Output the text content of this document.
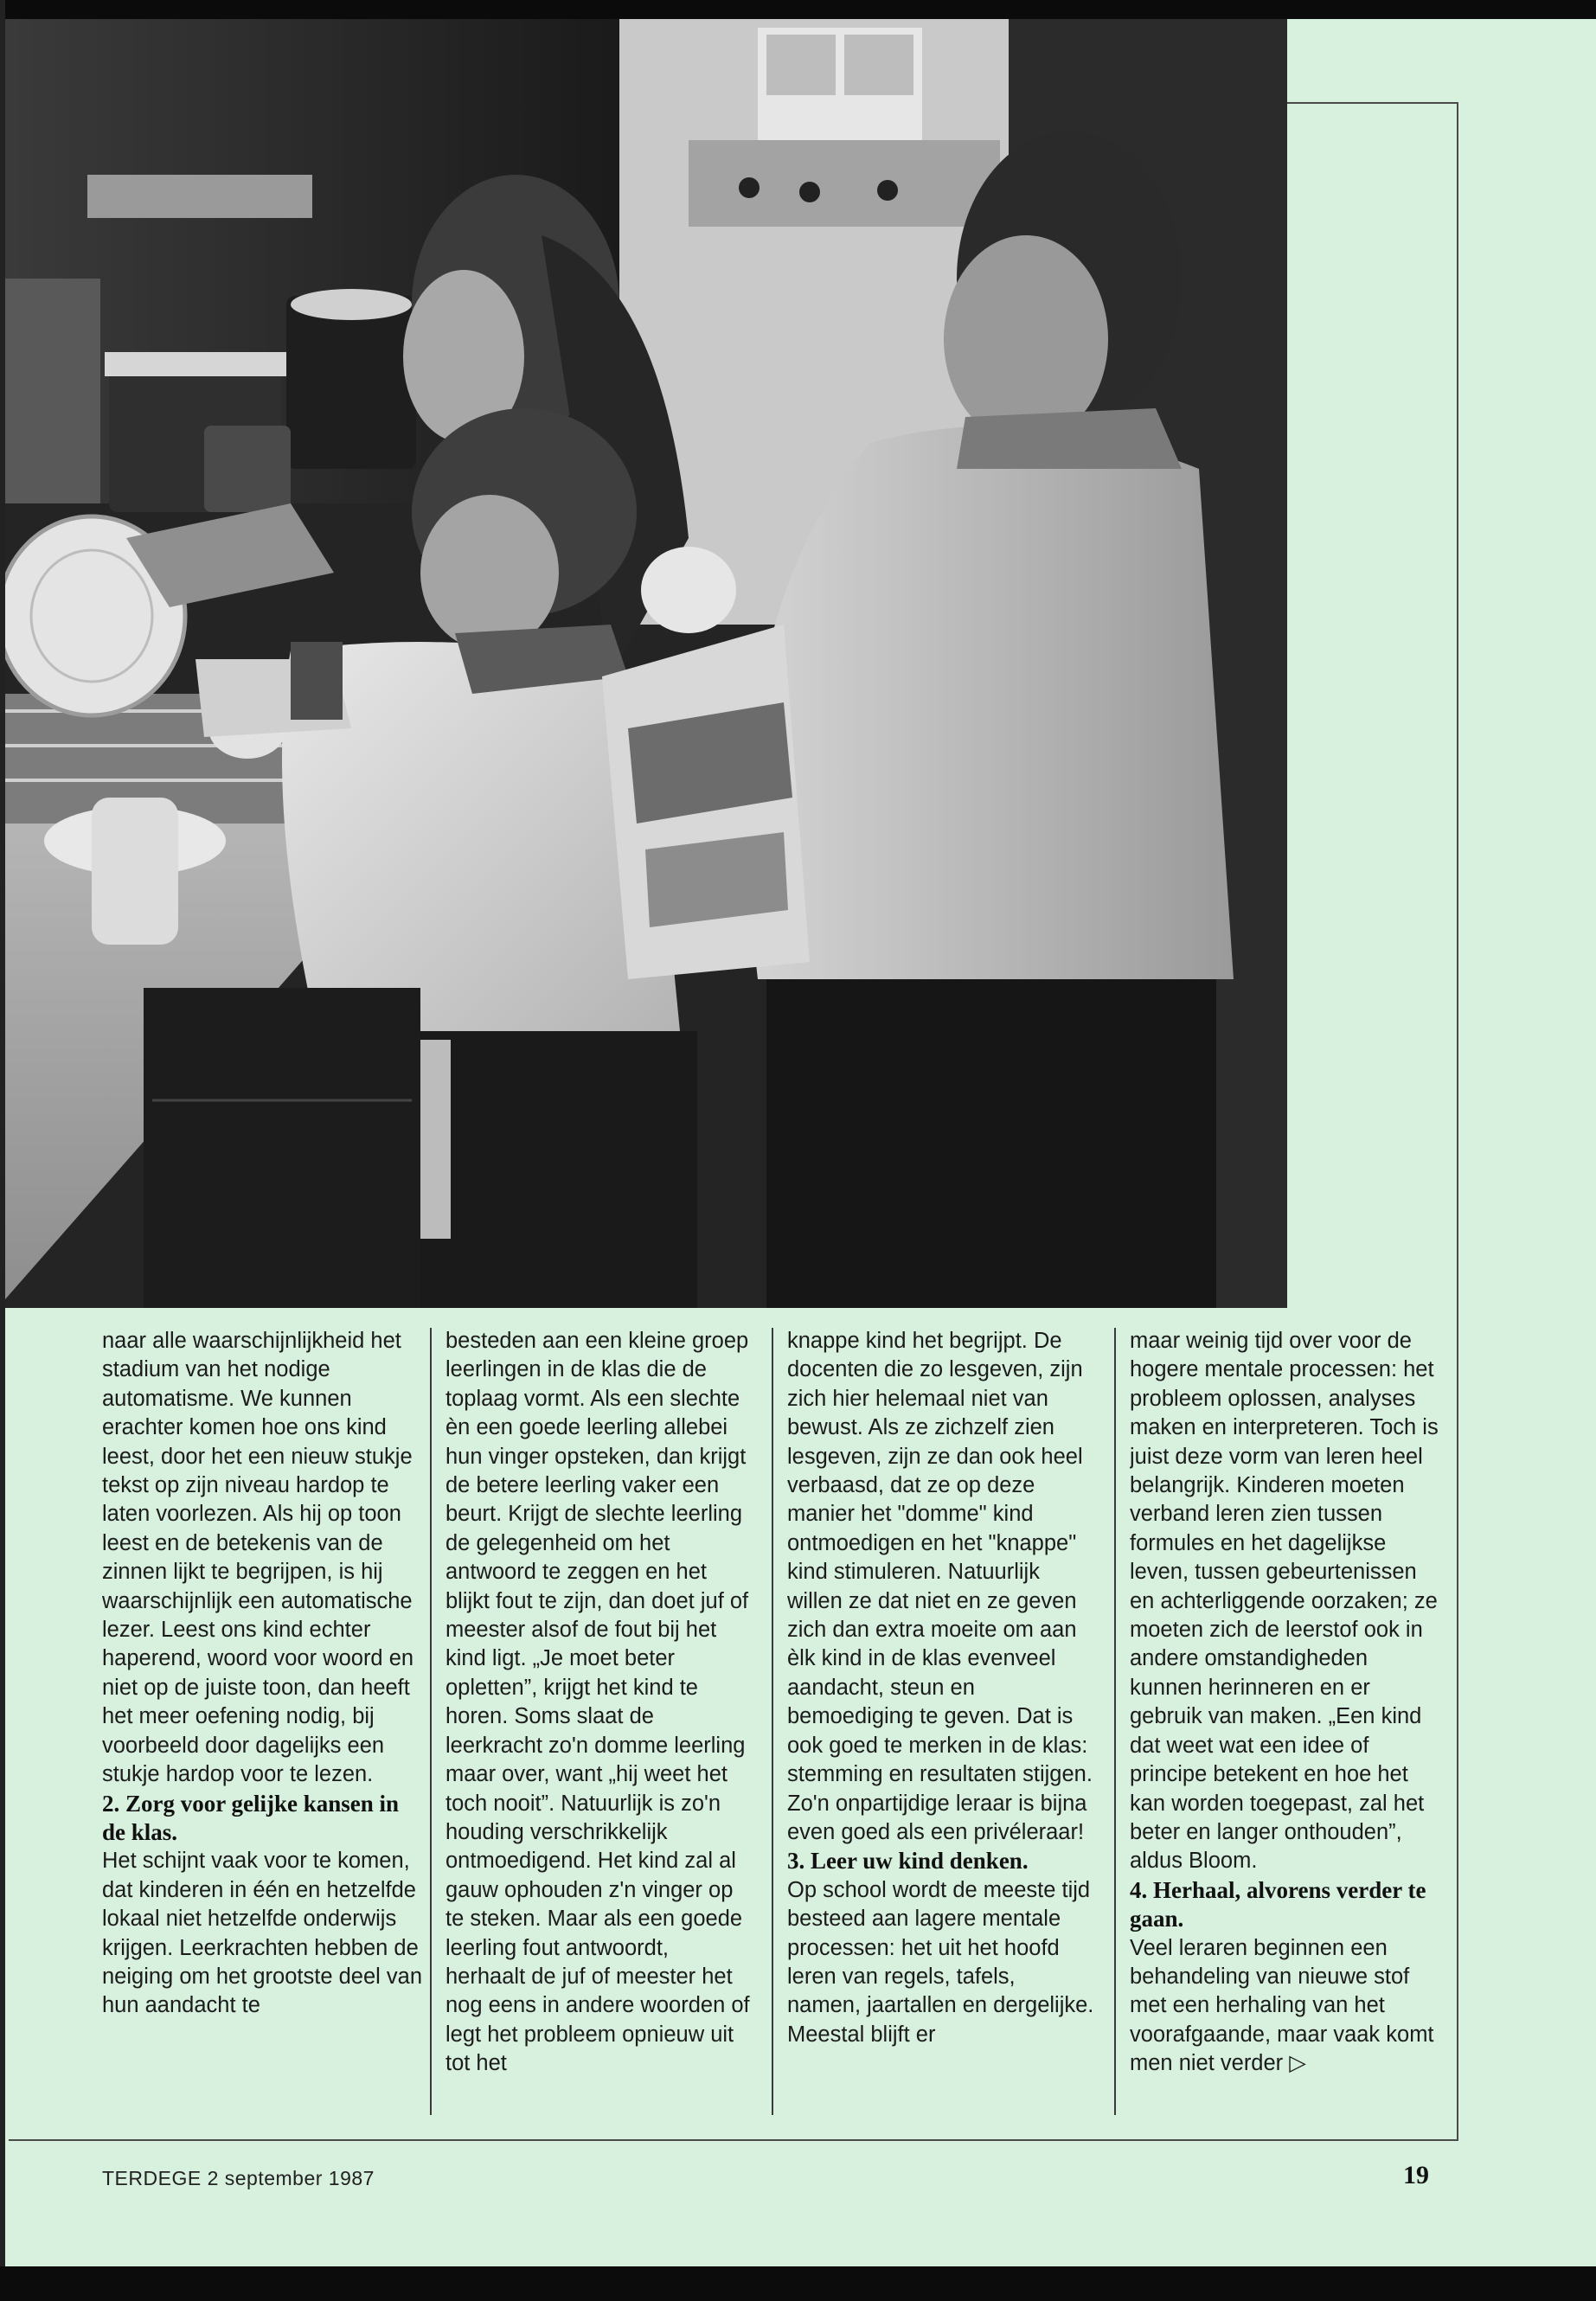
naar alle waarschijnlijkheid het stadium van het nodige automatisme. We kunnen erachter komen hoe ons kind leest, door het een nieuw stukje tekst op zijn niveau hardop te laten voorlezen. Als hij op toon leest en de betekenis van de zinnen lijkt te begrijpen, is hij waarschijnlijk een automatische lezer. Leest ons kind echter haperend, woord voor woord en niet op de juiste toon, dan heeft het meer oefening nodig, bij voorbeeld door dagelijks een stukje hardop voor te lezen.

2. Zorg voor gelijke kansen in de klas.

Het schijnt vaak voor te komen, dat kinderen in één en hetzelfde lokaal niet hetzelfde onderwijs krijgen. Leerkrachten hebben de neiging om het grootste deel van hun aandacht te

besteden aan een kleine groep leerlingen in de klas die de toplaag vormt. Als een slechte èn een goede leerling allebei hun vinger opsteken, dan krijgt de betere leerling vaker een beurt. Krijgt de slechte leerling de gelegenheid om het antwoord te zeggen en het blijkt fout te zijn, dan doet juf of meester alsof de fout bij het kind ligt. „Je moet beter opletten”, krijgt het kind te horen. Soms slaat de leerkracht zo'n domme leerling maar over, want „hij weet het toch nooit”. Natuurlijk is zo'n houding verschrikkelijk ontmoedigend. Het kind zal al gauw ophouden z'n vinger op te steken. Maar als een goede leerling fout antwoordt, herhaalt de juf of meester het nog eens in andere woorden of legt het probleem opnieuw uit tot het

knappe kind het begrijpt. De docenten die zo lesgeven, zijn zich hier helemaal niet van bewust. Als ze zichzelf zien lesgeven, zijn ze dan ook heel verbaasd, dat ze op deze manier het "domme" kind ontmoedigen en het "knappe" kind stimuleren. Natuurlijk willen ze dat niet en ze geven zich dan extra moeite om aan èlk kind in de klas evenveel aandacht, steun en bemoediging te geven. Dat is ook goed te merken in de klas: stemming en resultaten stijgen. Zo'n onpartijdige leraar is bijna even goed als een privéleraar!

3. Leer uw kind denken.

Op school wordt de meeste tijd besteed aan lagere mentale processen: het uit het hoofd leren van regels, tafels, namen, jaartallen en dergelijke. Meestal blijft er

maar weinig tijd over voor de hogere mentale processen: het probleem oplossen, analyses maken en interpreteren. Toch is juist deze vorm van leren heel belangrijk. Kinderen moeten verband leren zien tussen formules en het dagelijkse leven, tussen gebeurtenissen en achterliggende oorzaken; ze moeten zich de leerstof ook in andere omstandigheden kunnen herinneren en er gebruik van maken. „Een kind dat weet wat een idee of principe betekent en hoe het kan worden toegepast, zal het beter en langer onthouden”, aldus Bloom.

4. Herhaal, alvorens verder te gaan.

Veel leraren beginnen een behandeling van nieuwe stof met een herhaling van het voorafgaande, maar vaak komt men niet verder ▷

TERDEGE 2 september 1987	19
